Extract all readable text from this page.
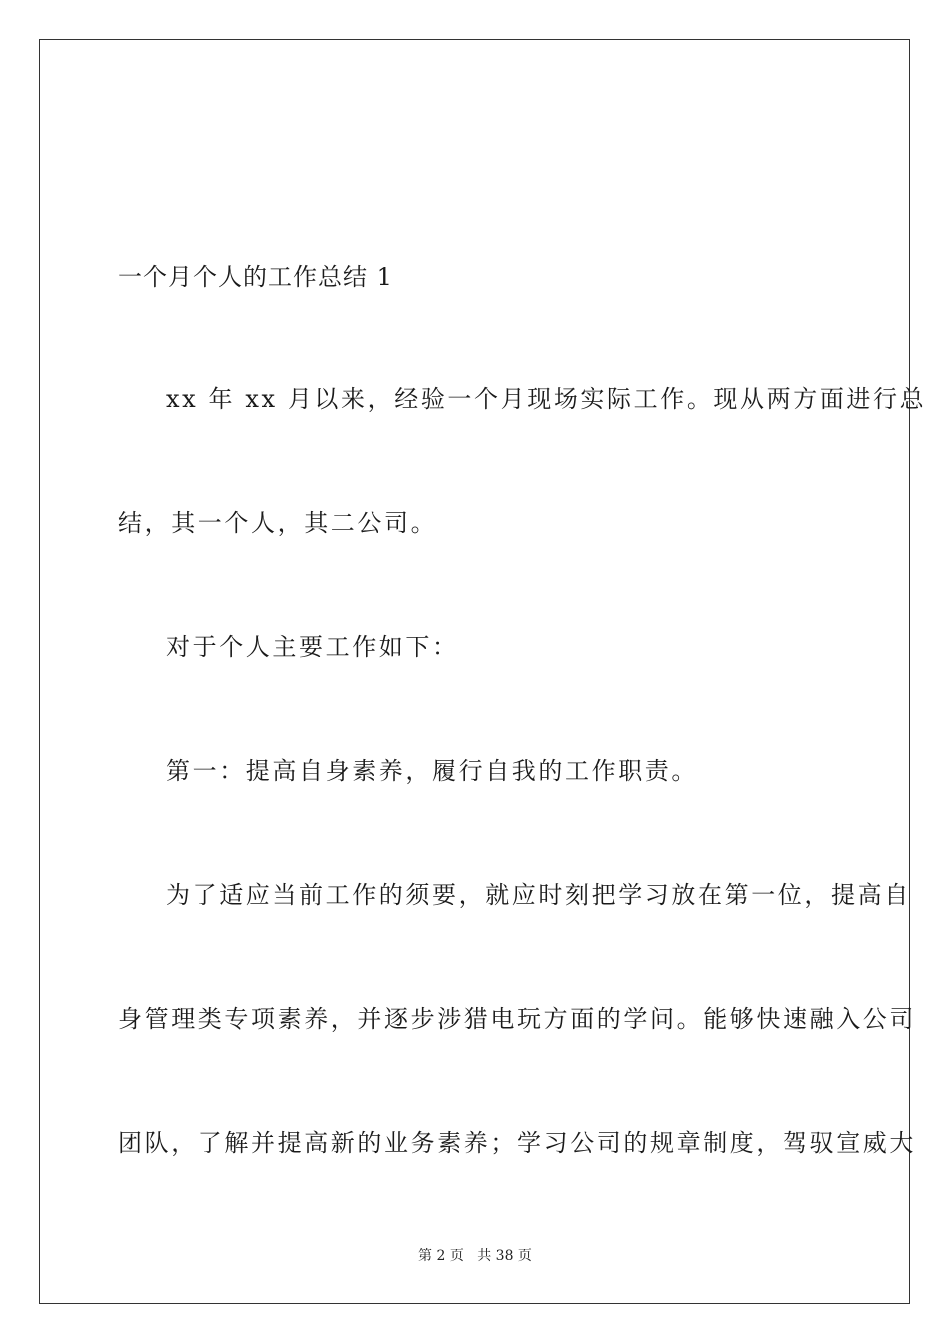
一个月个人的工作总结 1
xx 年 xx 月以来，经验一个月现场实际工作。现从两方面进行总
结，其一个人，其二公司。
对于个人主要工作如下：
第一：提高自身素养，履行自我的工作职责。
为了适应当前工作的须要，就应时刻把学习放在第一位，提高自
身管理类专项素养，并逐步涉猎电玩方面的学问。能够快速融入公司
团队，了解并提高新的业务素养；学习公司的规章制度，驾驭宣威大
第 2 页 共 38 页
